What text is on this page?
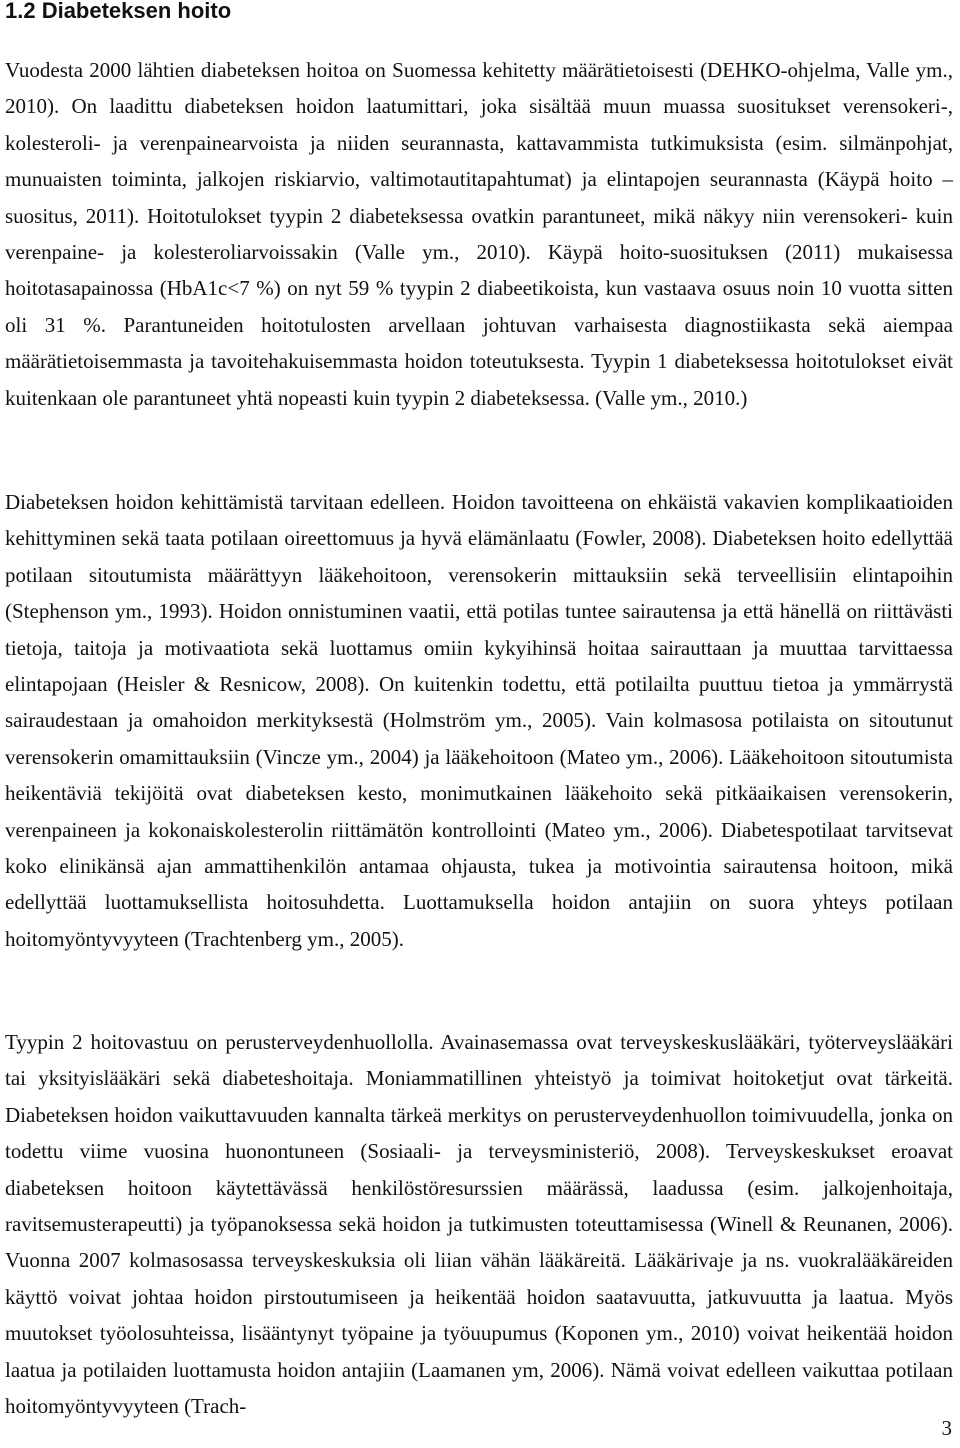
1.2 Diabeteksen hoito

Vuodesta 2000 lähtien diabeteksen hoitoa on Suomessa kehitetty määrätietoisesti (DEHKO-ohjelma, Valle ym., 2010). On laadittu diabeteksen hoidon laatumittari, joka sisältää muun muassa suositukset verensokeri-, kolesteroli- ja verenpainearvoista ja niiden seurannasta, kattavammista tutkimuksista (esim. silmänpohjat, munuaisten toiminta, jalkojen riskiarvio, valtimotautitapahtumat) ja elintapojen seurannasta (Käypä hoito –suositus, 2011). Hoitotulokset tyypin 2 diabeteksessa ovatkin parantuneet, mikä näkyy niin verensokeri- kuin verenpaine- ja kolesteroliarvoissakin (Valle ym., 2010). Käypä hoito-suosituksen (2011) mukaisessa hoitotasapainossa (HbA1c<7 %) on nyt 59 % tyypin 2 diabeetikoista, kun vastaava osuus noin 10 vuotta sitten oli 31 %. Parantuneiden hoitotulosten arvellaan johtuvan varhaisesta diagnostiikasta sekä aiempaa määrätietoisemmasta ja tavoitehakuisemmasta hoidon toteutuksesta. Tyypin 1 diabeteksessa hoitotulokset eivät kuitenkaan ole parantuneet yhtä nopeasti kuin tyypin 2 diabeteksessa. (Valle ym., 2010.)

Diabeteksen hoidon kehittämistä tarvitaan edelleen. Hoidon tavoitteena on ehkäistä vakavien komplikaatioiden kehittyminen sekä taata potilaan oireettomuus ja hyvä elämänlaatu (Fowler, 2008). Diabeteksen hoito edellyttää potilaan sitoutumista määrättyyn lääkehoitoon, verensokerin mittauksiin sekä terveellisiin elintapoihin (Stephenson ym., 1993). Hoidon onnistuminen vaatii, että potilas tuntee sairautensa ja että hänellä on riittävästi tietoja, taitoja ja motivaatiota sekä luottamus omiin kykyihinsä hoitaa sairauttaan ja muuttaa tarvittaessa elintapojaan (Heisler & Resnicow, 2008). On kuitenkin todettu, että potilailta puuttuu tietoa ja ymmärrystä sairaudestaan ja omahoidon merkityksestä (Holmström ym., 2005). Vain kolmasosa potilaista on sitoutunut verensokerin omamittauksiin (Vincze ym., 2004) ja lääkehoitoon (Mateo ym., 2006). Lääkehoitoon sitoutumista heikentäviä tekijöitä ovat diabeteksen kesto, monimutkainen lääkehoito sekä pitkäaikaisen verensokerin, verenpaineen ja kokonaiskolesterolin riittämätön kontrollointi (Mateo ym., 2006). Diabetespotilaat tarvitsevat koko elinikänsä ajan ammattihenkilön antamaa ohjausta, tukea ja motivointia sairautensa hoitoon, mikä edellyttää luottamuksellista hoitosuhdetta. Luottamuksella hoidon antajiin on suora yhteys potilaan hoitomyöntyvyyteen (Trachtenberg ym., 2005).

Tyypin 2 hoitovastuu on perusterveydenhuollolla. Avainasemassa ovat terveyskeskuslääkäri, työterveyslääkäri tai yksityislääkäri sekä diabeteshoitaja. Moniammatillinen yhteistyö ja toimivat hoitoketjut ovat tärkeitä. Diabeteksen hoidon vaikuttavuuden kannalta tärkeä merkitys on perusterveydenhuollon toimivuudella, jonka on todettu viime vuosina huonontuneen (Sosiaali- ja terveysministeriö, 2008). Terveyskeskukset eroavat diabeteksen hoitoon käytettävässä henkilöstöresurssien määrässä, laadussa (esim. jalkojenhoitaja, ravitsemusterapeutti) ja työpanoksessa sekä hoidon ja tutkimusten toteuttamisessa (Winell & Reunanen, 2006). Vuonna 2007 kolmasosassa terveyskeskuksia oli liian vähän lääkäreitä. Lääkärivaje ja ns. vuokralääkäreiden käyttö voivat johtaa hoidon pirstoutumiseen ja heikentää hoidon saatavuutta, jatkuvuutta ja laatua. Myös muutokset työolosuhteissa, lisääntynyt työpaine ja työuupumus (Koponen ym., 2010) voivat heikentää hoidon laatua ja potilaiden luottamusta hoidon antajiin (Laamanen ym, 2006). Nämä voivat edelleen vaikuttaa potilaan hoitomyöntyvyyteen (Trach-

3
